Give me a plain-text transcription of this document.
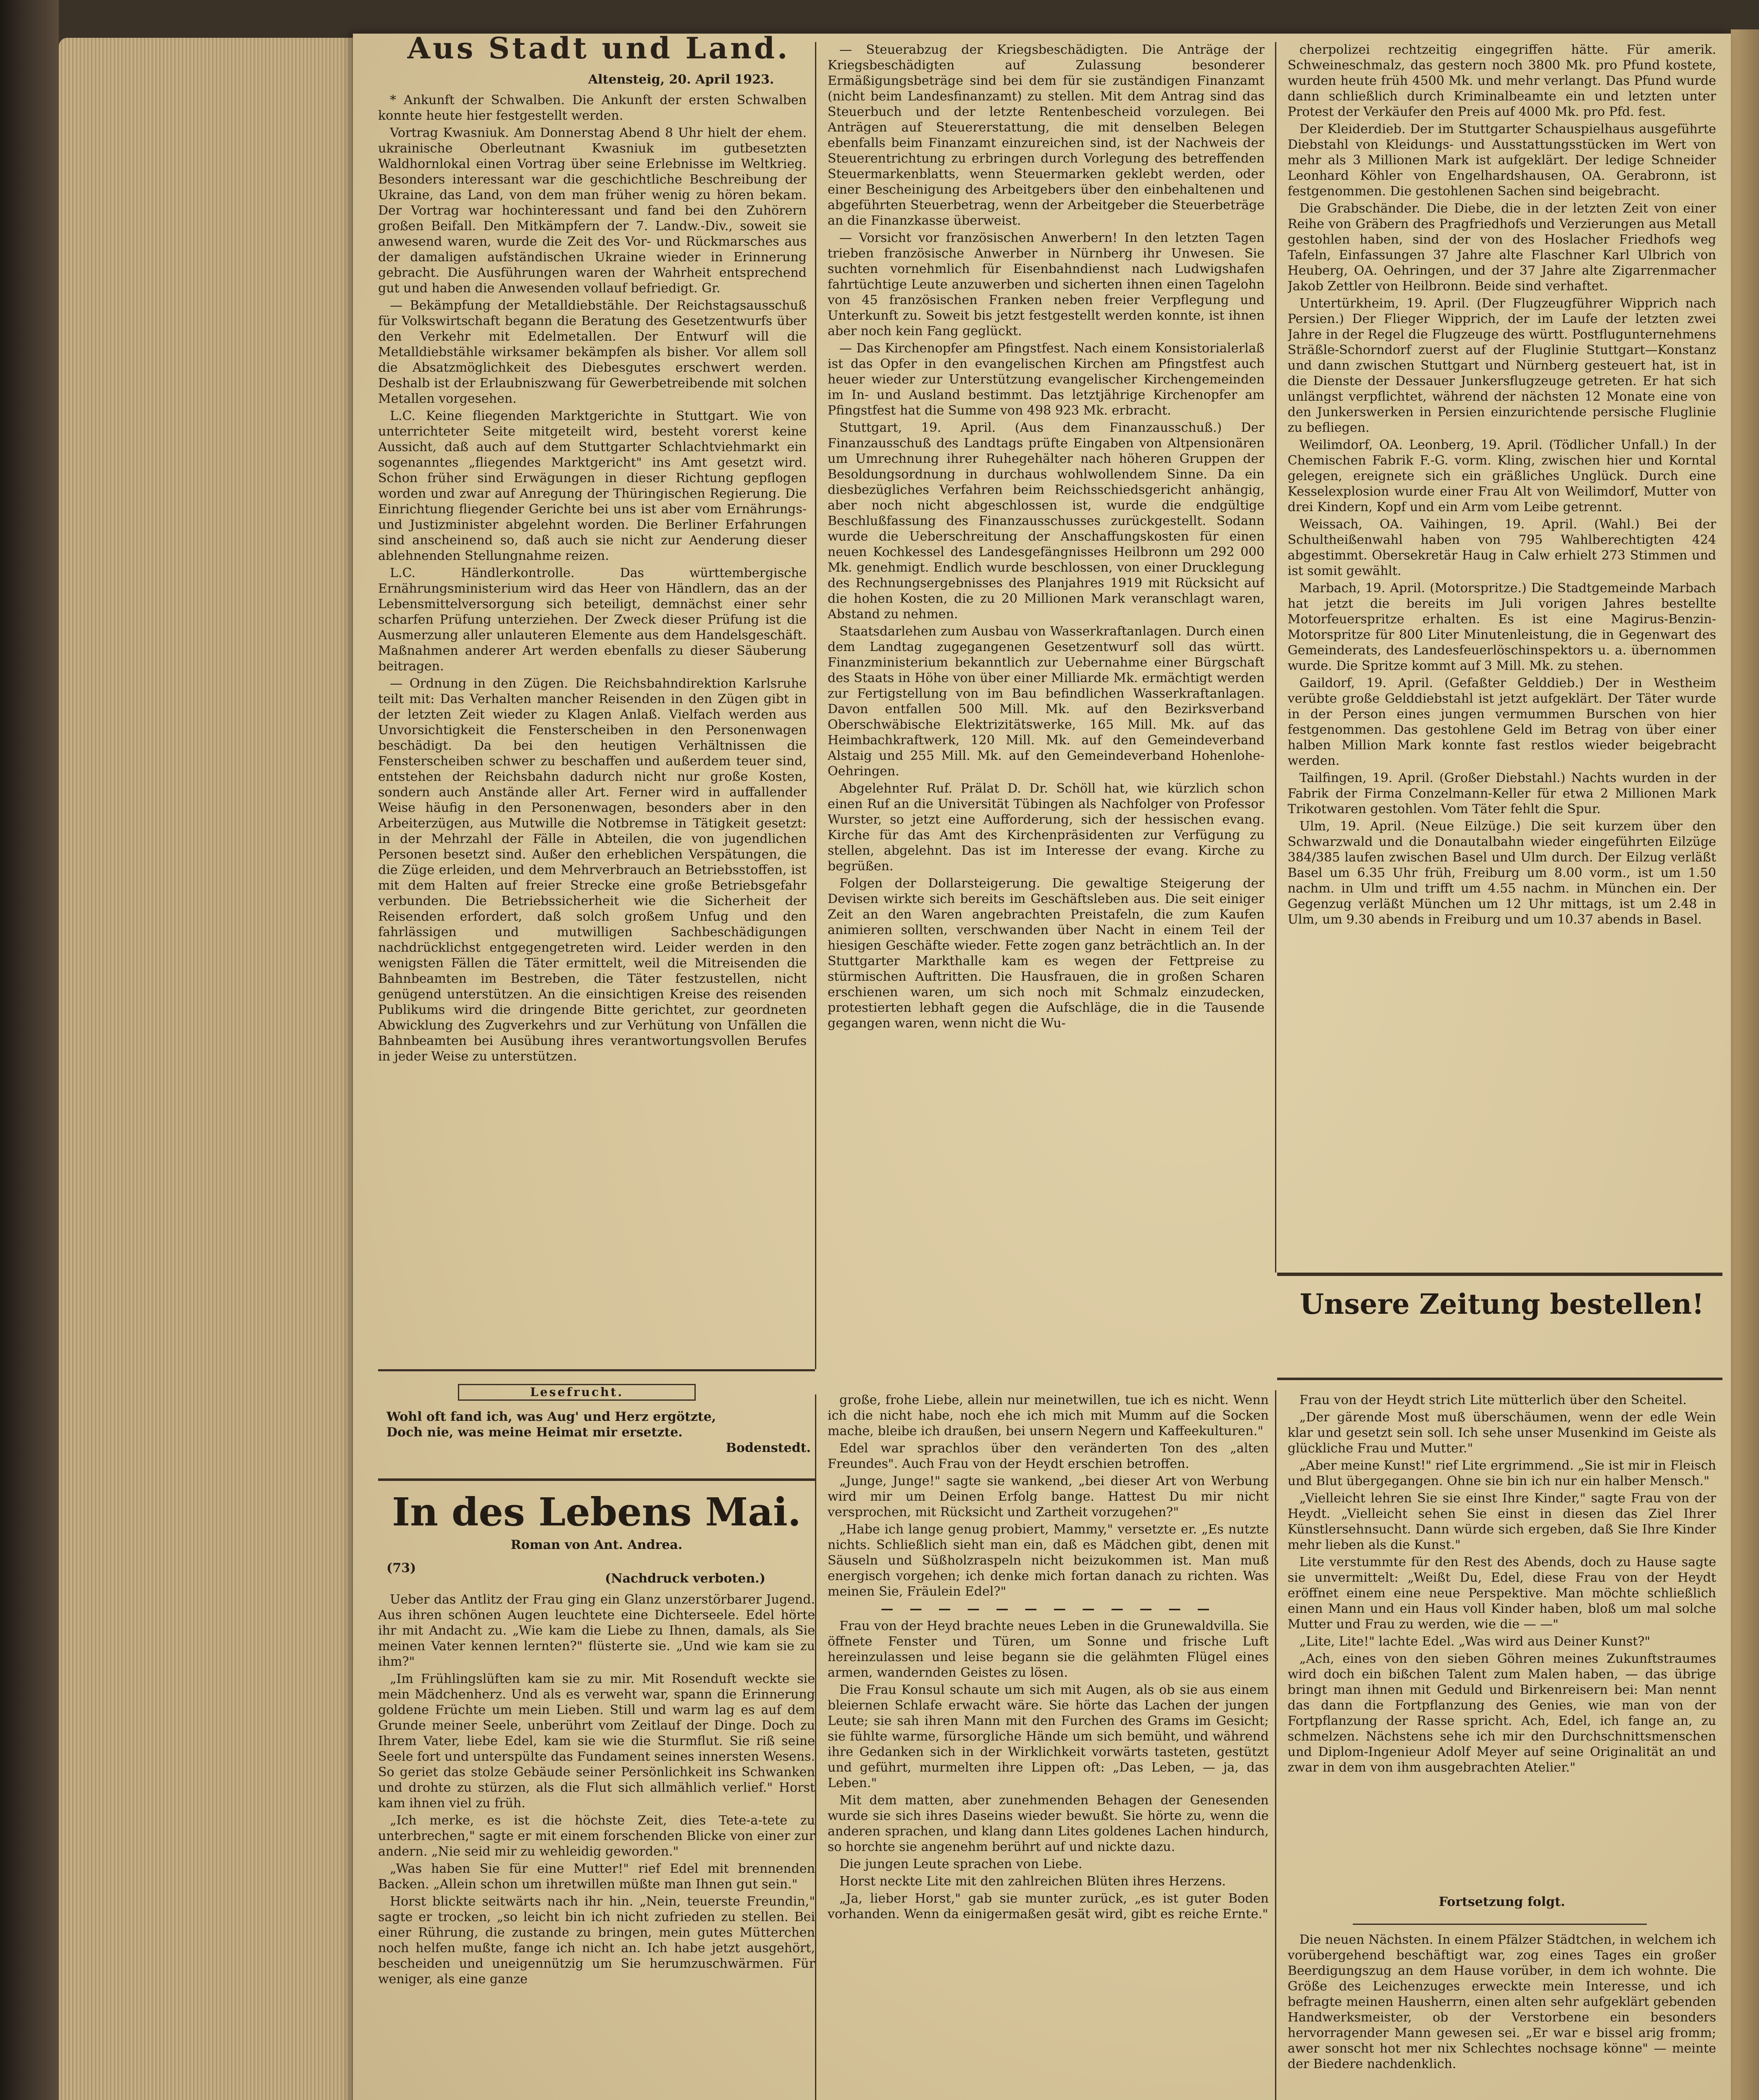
Aus Stadt und Land.
Altensteig, 20. April 1923.

* Ankunft der Schwalben. Die Ankunft der ersten Schwalben konnte heute hier festgestellt werden.

Vortrag Kwasniuk. Am Donnerstag Abend 8 Uhr hielt der ehem. ukrainische Oberleutnant Kwasniuk im gutbesetzten Waldhornlokal einen Vortrag über seine Erlebnisse im Weltkrieg. Besonders interessant war die geschichtliche Beschreibung der Ukraine, das Land, von dem man früher wenig zu hören bekam. Der Vortrag war hochinteressant und fand bei den Zuhörern großen Beifall. Den Mitkämpfern der 7. Landw.-Div., soweit sie anwesend waren, wurde die Zeit des Vor- und Rückmarsches aus der damaligen aufständischen Ukraine wieder in Erinnerung gebracht. Die Ausführungen waren der Wahrheit entsprechend gut und haben die Anwesenden vollauf befriedigt. Gr.

— Bekämpfung der Metalldiebstähle. Der Reichstagsausschuß für Volkswirtschaft begann die Beratung des Gesetzentwurfs über den Verkehr mit Edelmetallen. Der Entwurf will die Metalldiebstähle wirksamer bekämpfen als bisher. Vor allem soll die Absatzmöglichkeit des Diebesgutes erschwert werden. Deshalb ist der Erlaubniszwang für Gewerbetreibende mit solchen Metallen vorgesehen.

L.C. Keine fliegenden Marktgerichte in Stuttgart. Wie von unterrichteter Seite mitgeteilt wird, besteht vorerst keine Aussicht, daß auch auf dem Stuttgarter Schlachtviehmarkt ein sogenanntes „fliegendes Marktgericht" ins Amt gesetzt wird. Schon früher sind Erwägungen in dieser Richtung gepflogen worden und zwar auf Anregung der Thüringischen Regierung. Die Einrichtung fliegender Gerichte bei uns ist aber vom Ernährungs- und Justizminister abgelehnt worden. Die Berliner Erfahrungen sind anscheinend so, daß auch sie nicht zur Aenderung dieser ablehnenden Stellungnahme reizen.

L.C. Händlerkontrolle. Das württembergische Ernährungsministerium wird das Heer von Händlern, das an der Lebensmittelversorgung sich beteiligt, demnächst einer sehr scharfen Prüfung unterziehen. Der Zweck dieser Prüfung ist die Ausmerzung aller unlauteren Elemente aus dem Handelsgeschäft. Maßnahmen anderer Art werden ebenfalls zu dieser Säuberung beitragen.

— Ordnung in den Zügen. Die Reichsbahndirektion Karlsruhe teilt mit: Das Verhalten mancher Reisenden in den Zügen gibt in der letzten Zeit wieder zu Klagen Anlaß. Vielfach werden aus Unvorsichtigkeit die Fensterscheiben in den Personenwagen beschädigt. Da bei den heutigen Verhältnissen die Fensterscheiben schwer zu beschaffen und außerdem teuer sind, entstehen der Reichsbahn dadurch nicht nur große Kosten, sondern auch Anstände aller Art. Ferner wird in auffallender Weise häufig in den Personenwagen, besonders aber in den Arbeiterzügen, aus Mutwille die Notbremse in Tätigkeit gesetzt: in der Mehrzahl der Fälle in Abteilen, die von jugendlichen Personen besetzt sind. Außer den erheblichen Verspätungen, die die Züge erleiden, und dem Mehrverbrauch an Betriebsstoffen, ist mit dem Halten auf freier Strecke eine große Betriebsgefahr verbunden. Die Betriebssicherheit wie die Sicherheit der Reisenden erfordert, daß solch großem Unfug und den fahrlässigen und mutwilligen Sachbeschädigungen nachdrücklichst entgegengetreten wird. Leider werden in den wenigsten Fällen die Täter ermittelt, weil die Mitreisenden die Bahnbeamten im Bestreben, die Täter festzustellen, nicht genügend unterstützen. An die einsichtigen Kreise des reisenden Publikums wird die dringende Bitte gerichtet, zur geordneten Abwicklung des Zugverkehrs und zur Verhütung von Unfällen die Bahnbeamten bei Ausübung ihres verantwortungsvollen Berufes in jeder Weise zu unterstützen.

— Steuerabzug der Kriegsbeschädigten. Die Anträge der Kriegsbeschädigten auf Zulassung besonderer Ermäßigungsbeträge sind bei dem für sie zuständigen Finanzamt (nicht beim Landesfinanzamt) zu stellen. Mit dem Antrag sind das Steuerbuch und der letzte Rentenbescheid vorzulegen. Bei Anträgen auf Steuererstattung, die mit denselben Belegen ebenfalls beim Finanzamt einzureichen sind, ist der Nachweis der Steuerentrichtung zu erbringen durch Vorlegung des betreffenden Steuermarkenblatts, wenn Steuermarken geklebt werden, oder einer Bescheinigung des Arbeitgebers über den einbehaltenen und abgeführten Steuerbetrag, wenn der Arbeitgeber die Steuerbeträge an die Finanzkasse überweist.

— Vorsicht vor französischen Anwerbern! In den letzten Tagen trieben französische Anwerber in Nürnberg ihr Unwesen. Sie suchten vornehmlich für Eisenbahndienst nach Ludwigshafen fahrtüchtige Leute anzuwerben und sicherten ihnen einen Tagelohn von 45 französischen Franken neben freier Verpflegung und Unterkunft zu. Soweit bis jetzt festgestellt werden konnte, ist ihnen aber noch kein Fang geglückt.

— Das Kirchenopfer am Pfingstfest. Nach einem Konsistorialerlaß ist das Opfer in den evangelischen Kirchen am Pfingstfest auch heuer wieder zur Unterstützung evangelischer Kirchengemeinden im In- und Ausland bestimmt. Das letztjährige Kirchenopfer am Pfingstfest hat die Summe von 498 923 Mk. erbracht.

Stuttgart, 19. April. (Aus dem Finanzausschuß.) Der Finanzausschuß des Landtags prüfte Eingaben von Altpensionären um Umrechnung ihrer Ruhegehälter nach höheren Gruppen der Besoldungsordnung in durchaus wohlwollendem Sinne. Da ein diesbezügliches Verfahren beim Reichsschiedsgericht anhängig, aber noch nicht abgeschlossen ist, wurde die endgültige Beschlußfassung des Finanzausschusses zurückgestellt. Sodann wurde die Ueberschreitung der Anschaffungskosten für einen neuen Kochkessel des Landesgefängnisses Heilbronn um 292 000 Mk. genehmigt. Endlich wurde beschlossen, von einer Drucklegung des Rechnungsergebnisses des Planjahres 1919 mit Rücksicht auf die hohen Kosten, die zu 20 Millionen Mark veranschlagt waren, Abstand zu nehmen.

Staatsdarlehen zum Ausbau von Wasserkraftanlagen. Durch einen dem Landtag zugegangenen Gesetzentwurf soll das württ. Finanzministerium bekanntlich zur Uebernahme einer Bürgschaft des Staats in Höhe von über einer Milliarde Mk. ermächtigt werden zur Fertigstellung von im Bau befindlichen Wasserkraftanlagen. Davon entfallen 500 Mill. Mk. auf den Bezirksverband Oberschwäbische Elektrizitätswerke, 165 Mill. Mk. auf das Heimbachkraftwerk, 120 Mill. Mk. auf den Gemeindeverband Alstaig und 255 Mill. Mk. auf den Gemeindeverband Hohenlohe-Oehringen.

Abgelehnter Ruf. Prälat D. Dr. Schöll hat, wie kürzlich schon einen Ruf an die Universität Tübingen als Nachfolger von Professor Wurster, so jetzt eine Aufforderung, sich der hessischen evang. Kirche für das Amt des Kirchenpräsidenten zur Verfügung zu stellen, abgelehnt. Das ist im Interesse der evang. Kirche zu begrüßen.

Folgen der Dollarsteigerung. Die gewaltige Steigerung der Devisen wirkte sich bereits im Geschäftsleben aus. Die seit einiger Zeit an den Waren angebrachten Preistafeln, die zum Kaufen animieren sollten, verschwanden über Nacht in einem Teil der hiesigen Geschäfte wieder. Fette zogen ganz beträchtlich an. In der Stuttgarter Markthalle kam es wegen der Fettpreise zu stürmischen Auftritten. Die Hausfrauen, die in großen Scharen erschienen waren, um sich noch mit Schmalz einzudecken, protestierten lebhaft gegen die Aufschläge, die in die Tausende gegangen waren, wenn nicht die Wu-

cherpolizei rechtzeitig eingegriffen hätte. Für amerik. Schweineschmalz, das gestern noch 3800 Mk. pro Pfund kostete, wurden heute früh 4500 Mk. und mehr verlangt. Das Pfund wurde dann schließlich durch Kriminalbeamte ein und letzten unter Protest der Verkäufer den Preis auf 4000 Mk. pro Pfd. fest.

Der Kleiderdieb. Der im Stuttgarter Schauspielhaus ausgeführte Diebstahl von Kleidungs- und Ausstattungsstücken im Wert von mehr als 3 Millionen Mark ist aufgeklärt. Der ledige Schneider Leonhard Köhler von Engelhardshausen, OA. Gerabronn, ist festgenommen. Die gestohlenen Sachen sind beigebracht.

Die Grabschänder. Die Diebe, die in der letzten Zeit von einer Reihe von Gräbern des Pragfriedhofs und Verzierungen aus Metall gestohlen haben, sind der von des Hoslacher Friedhofs weg Tafeln, Einfassungen 37 Jahre alte Flaschner Karl Ulbrich von Heuberg, OA. Oehringen, und der 37 Jahre alte Zigarrenmacher Jakob Zettler von Heilbronn. Beide sind verhaftet.

Untertürkheim, 19. April. (Der Flugzeugführer Wipprich nach Persien.) Der Flieger Wipprich, der im Laufe der letzten zwei Jahre in der Regel die Flugzeuge des württ. Postflugunternehmens Sträßle-Schorndorf zuerst auf der Fluglinie Stuttgart—Konstanz und dann zwischen Stuttgart und Nürnberg gesteuert hat, ist in die Dienste der Dessauer Junkersflugzeuge getreten. Er hat sich unlängst verpflichtet, während der nächsten 12 Monate eine von den Junkerswerken in Persien einzurichtende persische Fluglinie zu befliegen.

Weilimdorf, OA. Leonberg, 19. April. (Tödlicher Unfall.) In der Chemischen Fabrik F.-G. vorm. Kling, zwischen hier und Korntal gelegen, ereignete sich ein gräßliches Unglück. Durch eine Kesselexplosion wurde einer Frau Alt von Weilimdorf, Mutter von drei Kindern, Kopf und ein Arm vom Leibe getrennt.

Weissach, OA. Vaihingen, 19. April. (Wahl.) Bei der Schultheißenwahl haben von 795 Wahlberechtigten 424 abgestimmt. Obersekretär Haug in Calw erhielt 273 Stimmen und ist somit gewählt.

Marbach, 19. April. (Motorspritze.) Die Stadtgemeinde Marbach hat jetzt die bereits im Juli vorigen Jahres bestellte Motorfeuerspritze erhalten. Es ist eine Magirus-Benzin-Motorspritze für 800 Liter Minutenleistung, die in Gegenwart des Gemeinderats, des Landesfeuerlöschinspektors u. a. übernommen wurde. Die Spritze kommt auf 3 Mill. Mk. zu stehen.

Gaildorf, 19. April. (Gefaßter Gelddieb.) Der in Westheim verübte große Gelddiebstahl ist jetzt aufgeklärt. Der Täter wurde in der Person eines jungen vermummen Burschen von hier festgenommen. Das gestohlene Geld im Betrag von über einer halben Million Mark konnte fast restlos wieder beigebracht werden.

Tailfingen, 19. April. (Großer Diebstahl.) Nachts wurden in der Fabrik der Firma Conzelmann-Keller für etwa 2 Millionen Mark Trikotwaren gestohlen. Vom Täter fehlt die Spur.

Ulm, 19. April. (Neue Eilzüge.) Die seit kurzem über den Schwarzwald und die Donautalbahn wieder eingeführten Eilzüge 384/385 laufen zwischen Basel und Ulm durch. Der Eilzug verläßt Basel um 6.35 Uhr früh, Freiburg um 8.00 vorm., ist um 1.50 nachm. in Ulm und trifft um 4.55 nachm. in München ein. Der Gegenzug verläßt München um 12 Uhr mittags, ist um 2.48 in Ulm, um 9.30 abends in Freiburg und um 10.37 abends in Basel.

Unsere Zeitung bestellen!
Lesefrucht.
Wohl oft fand ich, was Aug' und Herz ergötzte,
Doch nie, was meine Heimat mir ersetzte.
Bodenstedt.
In des Lebens Mai.
Roman von Ant. Andrea.
(73)
(Nachdruck verboten.)

Ueber das Antlitz der Frau ging ein Glanz unzerstörbarer Jugend. Aus ihren schönen Augen leuchtete eine Dichterseele. Edel hörte ihr mit Andacht zu. „Wie kam die Liebe zu Ihnen, damals, als Sie meinen Vater kennen lernten?" flüsterte sie. „Und wie kam sie zu ihm?"

„Im Frühlingslüften kam sie zu mir. Mit Rosenduft weckte sie mein Mädchenherz. Und als es verweht war, spann die Erinnerung goldene Früchte um mein Lieben. Still und warm lag es auf dem Grunde meiner Seele, unberührt vom Zeitlauf der Dinge. Doch zu Ihrem Vater, liebe Edel, kam sie wie die Sturmflut. Sie riß seine Seele fort und unterspülte das Fundament seines innersten Wesens. So geriet das stolze Gebäude seiner Persönlichkeit ins Schwanken und drohte zu stürzen, als die Flut sich allmählich verlief." Horst kam ihnen viel zu früh.

„Ich merke, es ist die höchste Zeit, dies Tete-a-tete zu unterbrechen," sagte er mit einem forschenden Blicke von einer zur andern. „Nie seid mir zu wehleidig geworden."

„Was haben Sie für eine Mutter!" rief Edel mit brennenden Backen. „Allein schon um ihretwillen müßte man Ihnen gut sein."

Horst blickte seitwärts nach ihr hin. „Nein, teuerste Freundin," sagte er trocken, „so leicht bin ich nicht zufrieden zu stellen. Bei einer Rührung, die zustande zu bringen, mein gutes Mütterchen noch helfen mußte, fange ich nicht an. Ich habe jetzt ausgehört, bescheiden und uneigennützig um Sie herumzuschwärmen. Für weniger, als eine ganze

große, frohe Liebe, allein nur meinetwillen, tue ich es nicht. Wenn ich die nicht habe, noch ehe ich mich mit Mumm auf die Socken mache, bleibe ich draußen, bei unsern Negern und Kaffeekulturen."

Edel war sprachlos über den veränderten Ton des „alten Freundes". Auch Frau von der Heydt erschien betroffen.

„Junge, Junge!" sagte sie wankend, „bei dieser Art von Werbung wird mir um Deinen Erfolg bange. Hattest Du mir nicht versprochen, mit Rücksicht und Zartheit vorzugehen?"

„Habe ich lange genug probiert, Mammy," versetzte er. „Es nutzte nichts. Schließlich sieht man ein, daß es Mädchen gibt, denen mit Säuseln und Süßholzraspeln nicht beizukommen ist. Man muß energisch vorgehen; ich denke mich fortan danach zu richten. Was meinen Sie, Fräulein Edel?"

— — — — — — — — — — — —

Frau von der Heyd brachte neues Leben in die Grunewaldvilla. Sie öffnete Fenster und Türen, um Sonne und frische Luft hereinzulassen und leise begann sie die gelähmten Flügel eines armen, wandernden Geistes zu lösen.

Die Frau Konsul schaute um sich mit Augen, als ob sie aus einem bleiernen Schlafe erwacht wäre. Sie hörte das Lachen der jungen Leute; sie sah ihren Mann mit den Furchen des Grams im Gesicht; sie fühlte warme, fürsorgliche Hände um sich bemüht, und während ihre Gedanken sich in der Wirklichkeit vorwärts tasteten, gestützt und geführt, murmelten ihre Lippen oft: „Das Leben, — ja, das Leben."

Mit dem matten, aber zunehmenden Behagen der Genesenden wurde sie sich ihres Daseins wieder bewußt. Sie hörte zu, wenn die anderen sprachen, und klang dann Lites goldenes Lachen hindurch, so horchte sie angenehm berührt auf und nickte dazu.

Die jungen Leute sprachen von Liebe.

Horst neckte Lite mit den zahlreichen Blüten ihres Herzens.

„Ja, lieber Horst," gab sie munter zurück, „es ist guter Boden vorhanden. Wenn da einigermaßen gesät wird, gibt es reiche Ernte."

Frau von der Heydt strich Lite mütterlich über den Scheitel.

„Der gärende Most muß überschäumen, wenn der edle Wein klar und gesetzt sein soll. Ich sehe unser Musenkind im Geiste als glückliche Frau und Mutter."

„Aber meine Kunst!" rief Lite ergrimmend. „Sie ist mir in Fleisch und Blut übergegangen. Ohne sie bin ich nur ein halber Mensch."

„Vielleicht lehren Sie sie einst Ihre Kinder," sagte Frau von der Heydt. „Vielleicht sehen Sie einst in diesen das Ziel Ihrer Künstlersehnsucht. Dann würde sich ergeben, daß Sie Ihre Kinder mehr lieben als die Kunst."

Lite verstummte für den Rest des Abends, doch zu Hause sagte sie unvermittelt: „Weißt Du, Edel, diese Frau von der Heydt eröffnet einem eine neue Perspektive. Man möchte schließlich einen Mann und ein Haus voll Kinder haben, bloß um mal solche Mutter und Frau zu werden, wie die — —"

„Lite, Lite!" lachte Edel. „Was wird aus Deiner Kunst?"

„Ach, eines von den sieben Göhren meines Zukunftstraumes wird doch ein bißchen Talent zum Malen haben, — das übrige bringt man ihnen mit Geduld und Birkenreisern bei: Man nennt das dann die Fortpflanzung des Genies, wie man von der Fortpflanzung der Rasse spricht. Ach, Edel, ich fange an, zu schmelzen. Nächstens sehe ich mir den Durchschnittsmenschen und Diplom-Ingenieur Adolf Meyer auf seine Originalität an und zwar in dem von ihm ausgebrachten Atelier."

Fortsetzung folgt.

Die neuen Nächsten. In einem Pfälzer Städtchen, in welchem ich vorübergehend beschäftigt war, zog eines Tages ein großer Beerdigungszug an dem Hause vorüber, in dem ich wohnte. Die Größe des Leichenzuges erweckte mein Interesse, und ich befragte meinen Hausherrn, einen alten sehr aufgeklärt gebenden Handwerksmeister, ob der Verstorbene ein besonders hervorragender Mann gewesen sei. „Er war e bissel arig fromm; awer sonscht hot mer nix Schlechtes nochsage könne" — meinte der Biedere nachdenklich.
